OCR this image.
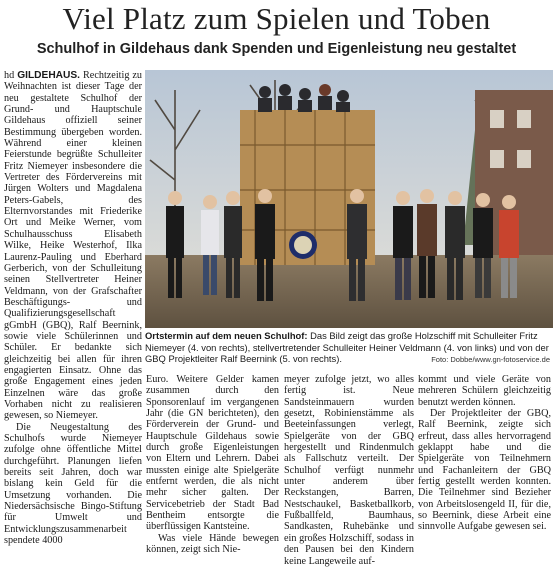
Viel Platz zum Spielen und Toben
Schulhof in Gildehaus dank Spenden und Eigenleistung neu gestaltet

hd GILDEHAUS. Rechtzeitig zu Weihnachten ist dieser Tage der neu gestaltete Schulhof der Grund- und Hauptschule Gildehaus offiziell seiner Bestimmung übergeben worden. Während einer kleinen Feierstunde begrüßte Schulleiter Fritz Niemeyer insbesondere die Vertreter des Fördervereins mit Jürgen Wolters und Magdalena Peters-Gabels, des Elternvorstandes mit Friederike Ort und Meike Werner, vom Schulhausschuss Elisabeth Wilke, Heike Westerhof, Ilka Laurenz-Pauling und Eberhard Gerberich, von der Schulleitung seinen Stellvertreter Heiner Veldmann, von der Grafschafter Beschäftigungs- und Qualifizierungsgesellschaft gGmbH (GBQ), Ralf Beernink, sowie viele Schülerinnen und Schüler. Er bedankte sich gleichzeitig bei allen für ihren engagierten Einsatz. Ohne das große Engagement eines jeden Einzelnen wäre das große Vorhaben nicht zu realisieren gewesen, so Niemeyer.

Die Neugestaltung des Schulhofs wurde Niemeyer zufolge ohne öffentliche Mittel durchgeführt. Planungen liefen bereits seit Jahren, doch war bislang kein Geld für die Umsetzung vorhanden. Die Niedersächsische Bingo-Stiftung für Umwelt und Entwicklungszusammenarbeit spendete 4000

Ortstermin auf dem neuen Schulhof: Das Bild zeigt das große Holzschiff mit Schulleiter Fritz Niemeyer (4. von rechts), stellvertretender Schulleiter Heiner Veldmann (4. von links) und von der GBQ Projektleiter Ralf Beernink (5. von rechts).	Foto: Dobbe/www.gn-fotoservice.de

Euro. Weitere Gelder kamen zusammen durch den Sponsorenlauf im vergangenen Jahr (die GN berichteten), den Förderverein der Grund- und Hauptschule Gildehaus sowie durch große Eigenleistungen von Eltern und Lehrern. Dabei mussten einige alte Spielgeräte entfernt werden, die als nicht mehr sicher galten. Der Servicebetrieb der Stadt Bad Bentheim entsorgte die überflüssigen Kantsteine.

Was viele Hände bewegen können, zeigt sich Nie-

meyer zufolge jetzt, wo alles fertig ist. Neue Sandsteinmauern wurden gesetzt, Robinienstämme als Beeteinfassungen verlegt, Spielgeräte von der GBQ hergestellt und Rindenmulch als Fallschutz verteilt. Der Schulhof verfügt nunmehr unter anderem über Reckstangen, Barren, Nestschaukel, Basketballkorb, Fußballfeld, Baumhaus, Sandkasten, Ruhebänke und ein großes Holzschiff, sodass in den Pausen bei den Kindern keine Langeweile auf-

kommt und viele Geräte von mehreren Schülern gleichzeitig benutzt werden können.

Der Projektleiter der GBQ, Ralf Beernink, zeigte sich erfreut, dass alles hervorragend geklappt habe und die Spielgeräte von Teilnehmern und Fachanleitern der GBQ fertig gestellt werden konnten. Die Teilnehmer sind Bezieher von Arbeitslosengeld II, für die, so Beernink, diese Arbeit eine sinnvolle Aufgabe gewesen sei.
